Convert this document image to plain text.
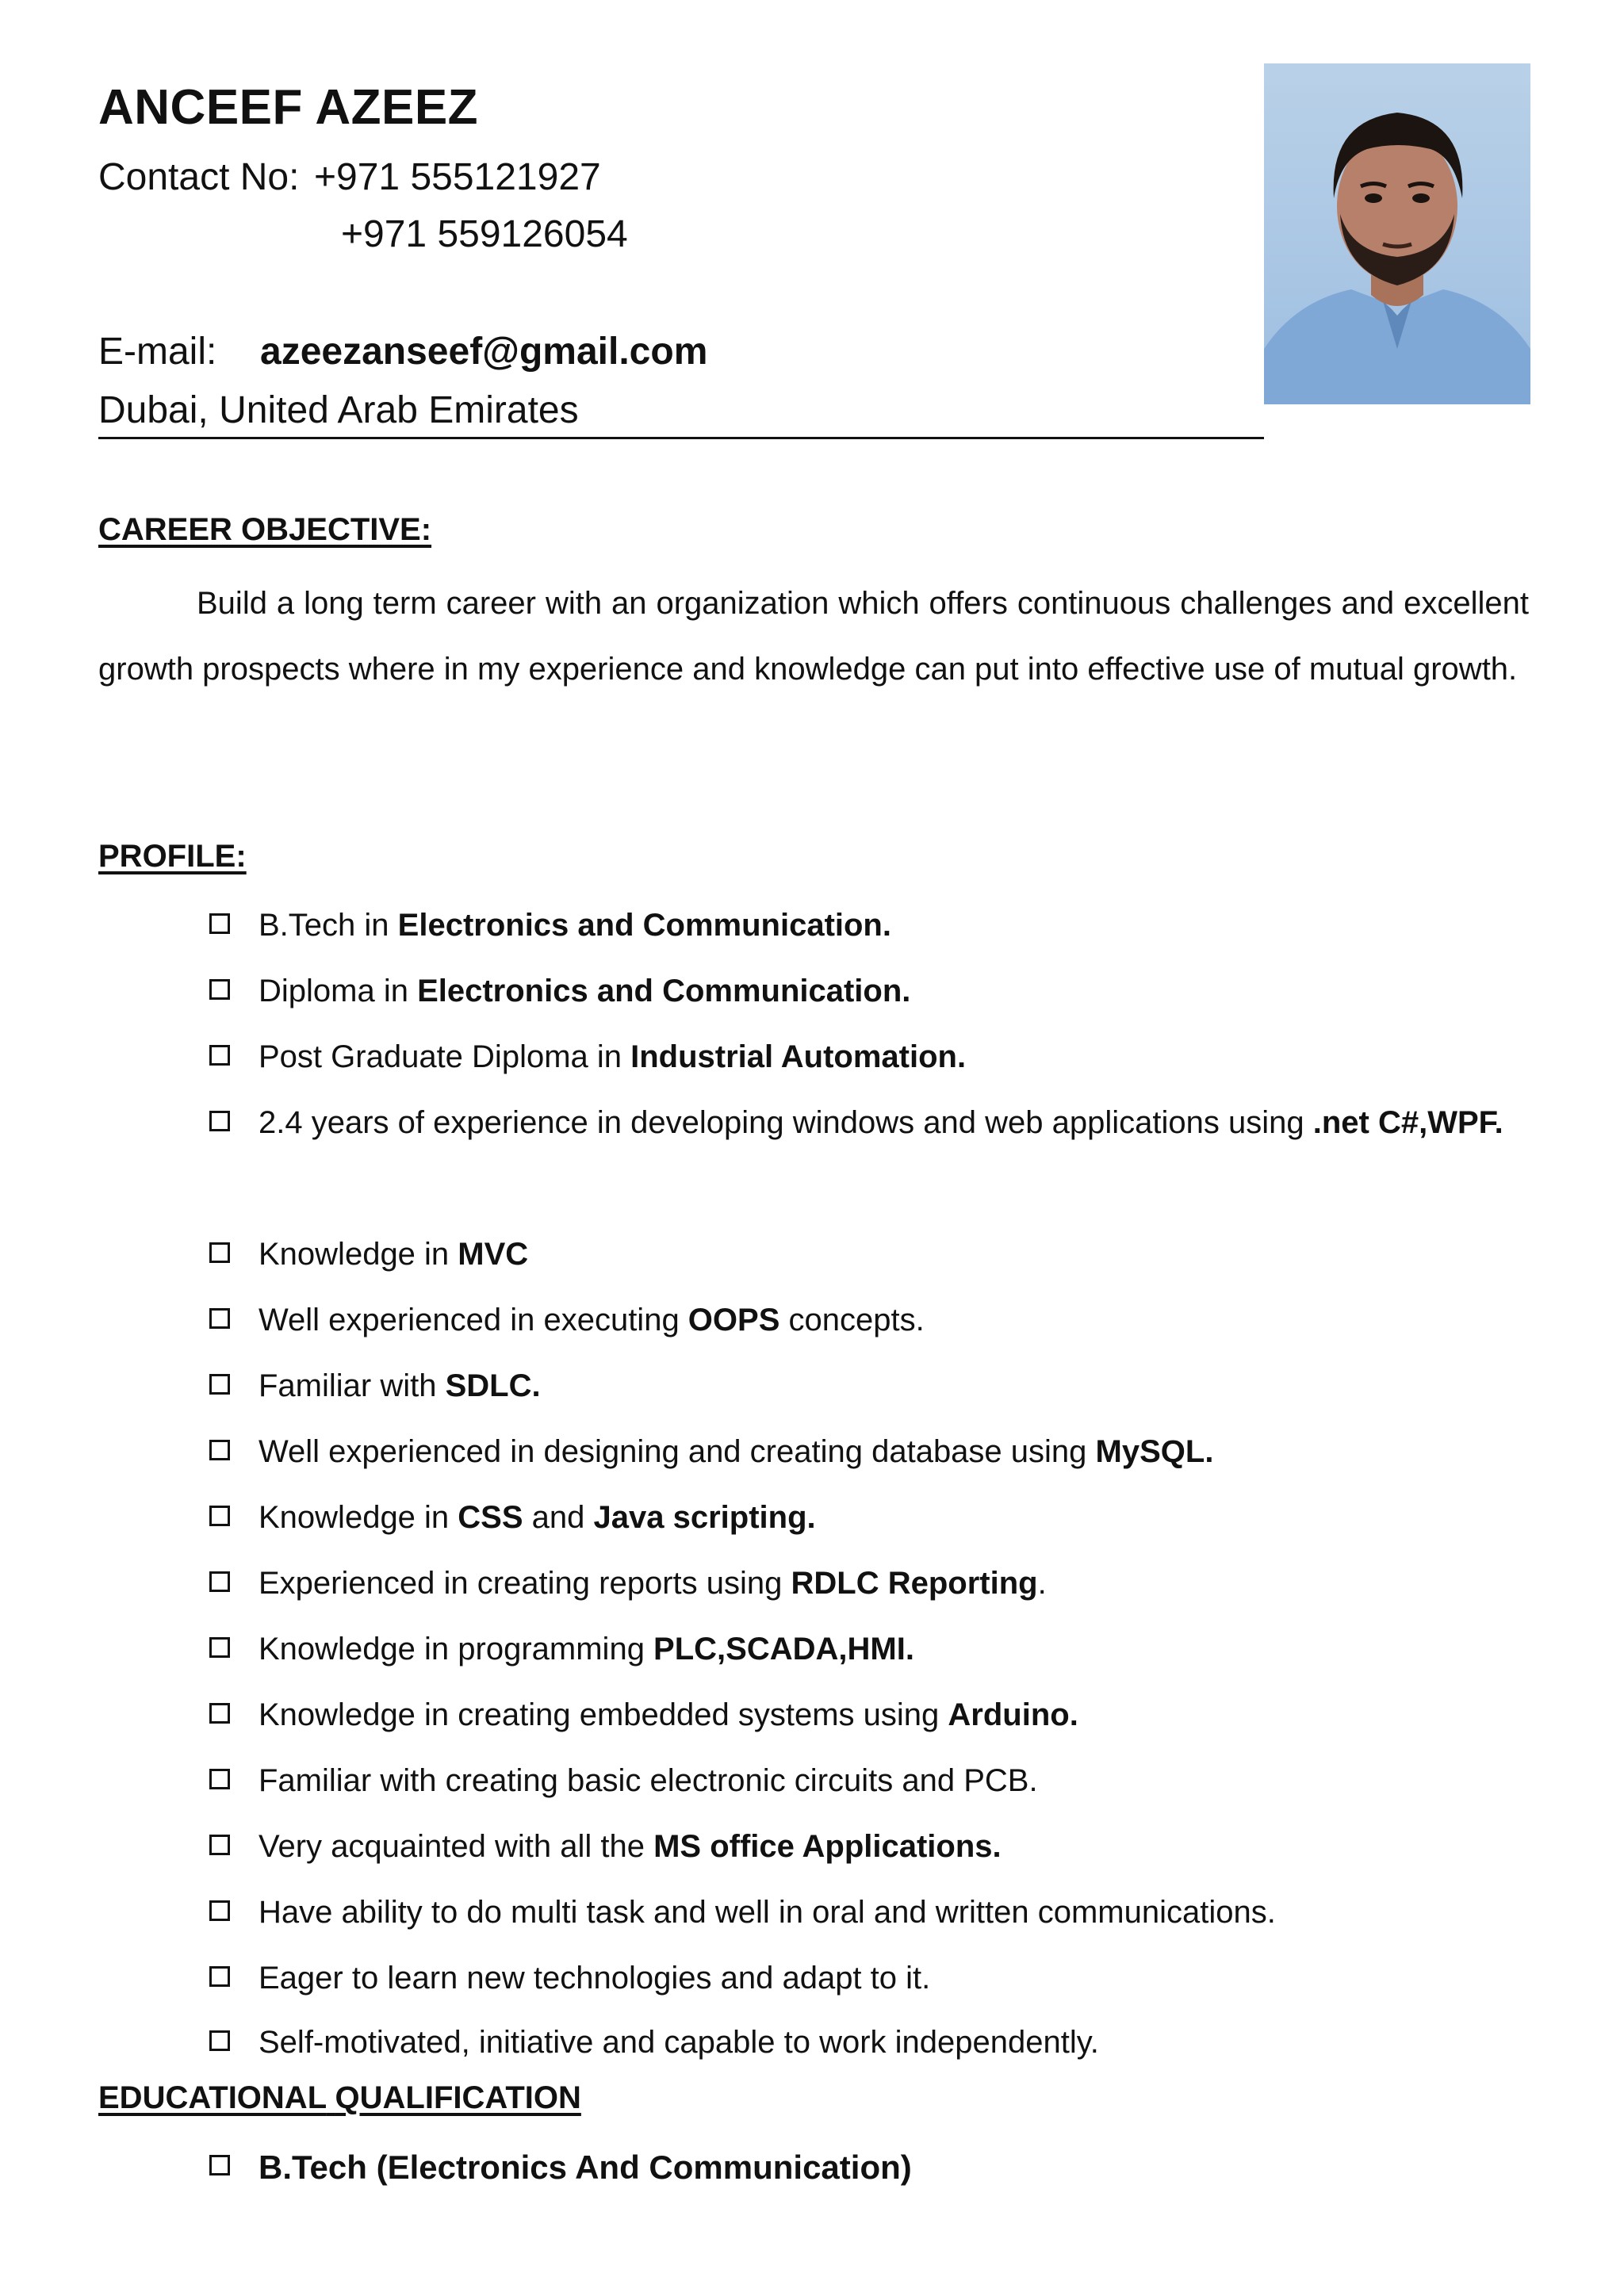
ANCEEF AZEEZ
Contact No: +971 555121927
+971 559126054
E-mail: azeezanseef@gmail.com
Dubai, United Arab Emirates
CAREER OBJECTIVE:
Build a long term career with an organization which offers continuous challenges and excellent growth prospects where in my experience and knowledge can put into effective use of mutual growth.
PROFILE:
B.Tech in Electronics and Communication.
Diploma in Electronics and Communication.
Post Graduate Diploma in Industrial Automation.
2.4 years of experience in developing windows and web applications using .net C#,WPF.
Knowledge in MVC
Well experienced in executing OOPS concepts.
Familiar with SDLC.
Well experienced in designing and creating database using MySQL.
Knowledge in CSS and Java scripting.
Experienced in creating reports using RDLC Reporting.
Knowledge in programming PLC,SCADA,HMI.
Knowledge in creating embedded systems using Arduino.
Familiar with creating basic electronic circuits and PCB.
Very acquainted with all the MS office Applications.
Have ability to do multi task and well in oral and written communications.
Eager to learn new technologies and adapt to it.
Self-motivated, initiative and capable to work independently.
EDUCATIONAL QUALIFICATION
B.Tech (Electronics And Communication)
